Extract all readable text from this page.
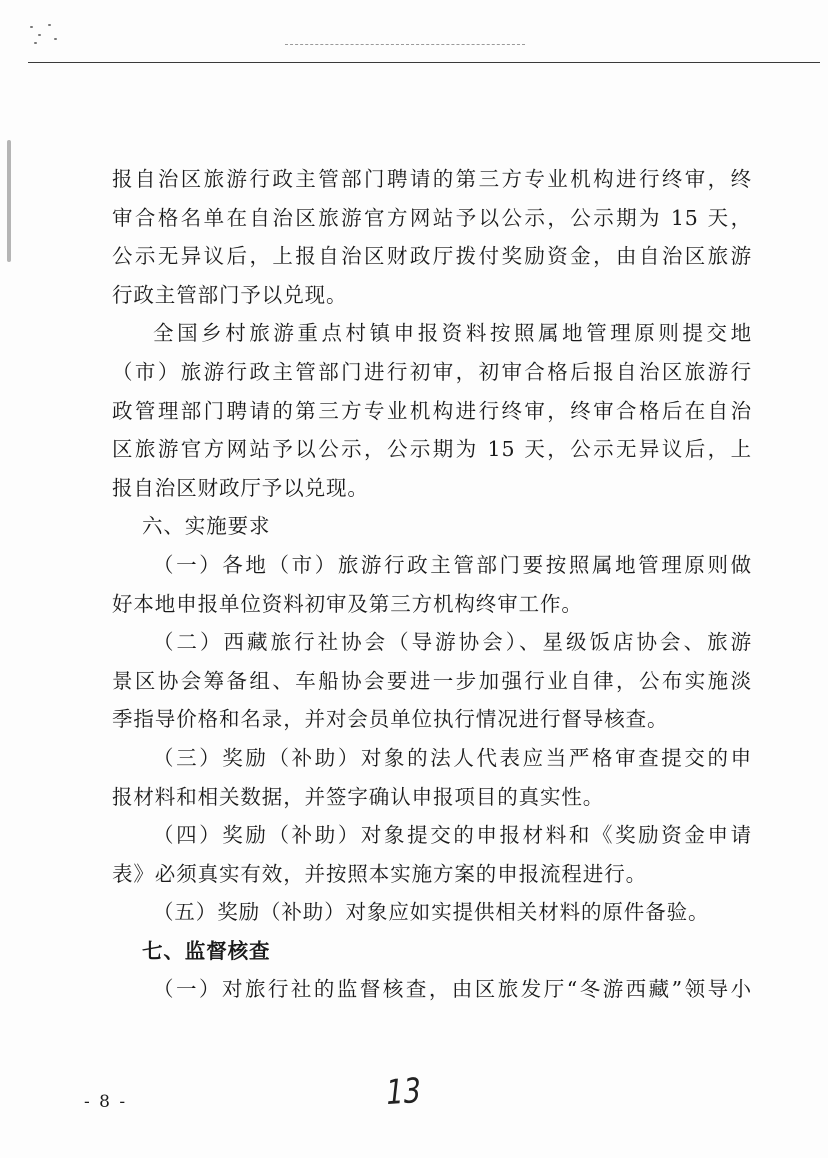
报自治区旅游行政主管部门聘请的第三方专业机构进行终审，终
审合格名单在自治区旅游官方网站予以公示，公示期为 15 天，
公示无异议后，上报自治区财政厅拨付奖励资金，由自治区旅游
行政主管部门予以兑现。
全国乡村旅游重点村镇申报资料按照属地管理原则提交地
（市）旅游行政主管部门进行初审，初审合格后报自治区旅游行
政管理部门聘请的第三方专业机构进行终审，终审合格后在自治
区旅游官方网站予以公示，公示期为 15 天，公示无异议后，上
报自治区财政厅予以兑现。
六、实施要求
（一）各地（市）旅游行政主管部门要按照属地管理原则做
好本地申报单位资料初审及第三方机构终审工作。
（二）西藏旅行社协会（导游协会）、星级饭店协会、旅游
景区协会筹备组、车船协会要进一步加强行业自律，公布实施淡
季指导价格和名录，并对会员单位执行情况进行督导核查。
（三）奖励（补助）对象的法人代表应当严格审查提交的申
报材料和相关数据，并签字确认申报项目的真实性。
（四）奖励（补助）对象提交的申报材料和《奖励资金申请
表》必须真实有效，并按照本实施方案的申报流程进行。
（五）奖励（补助）对象应如实提供相关材料的原件备验。
七、监督核查
（一）对旅行社的监督核查，由区旅发厅“冬游西藏”领导小
- 8 -	13
